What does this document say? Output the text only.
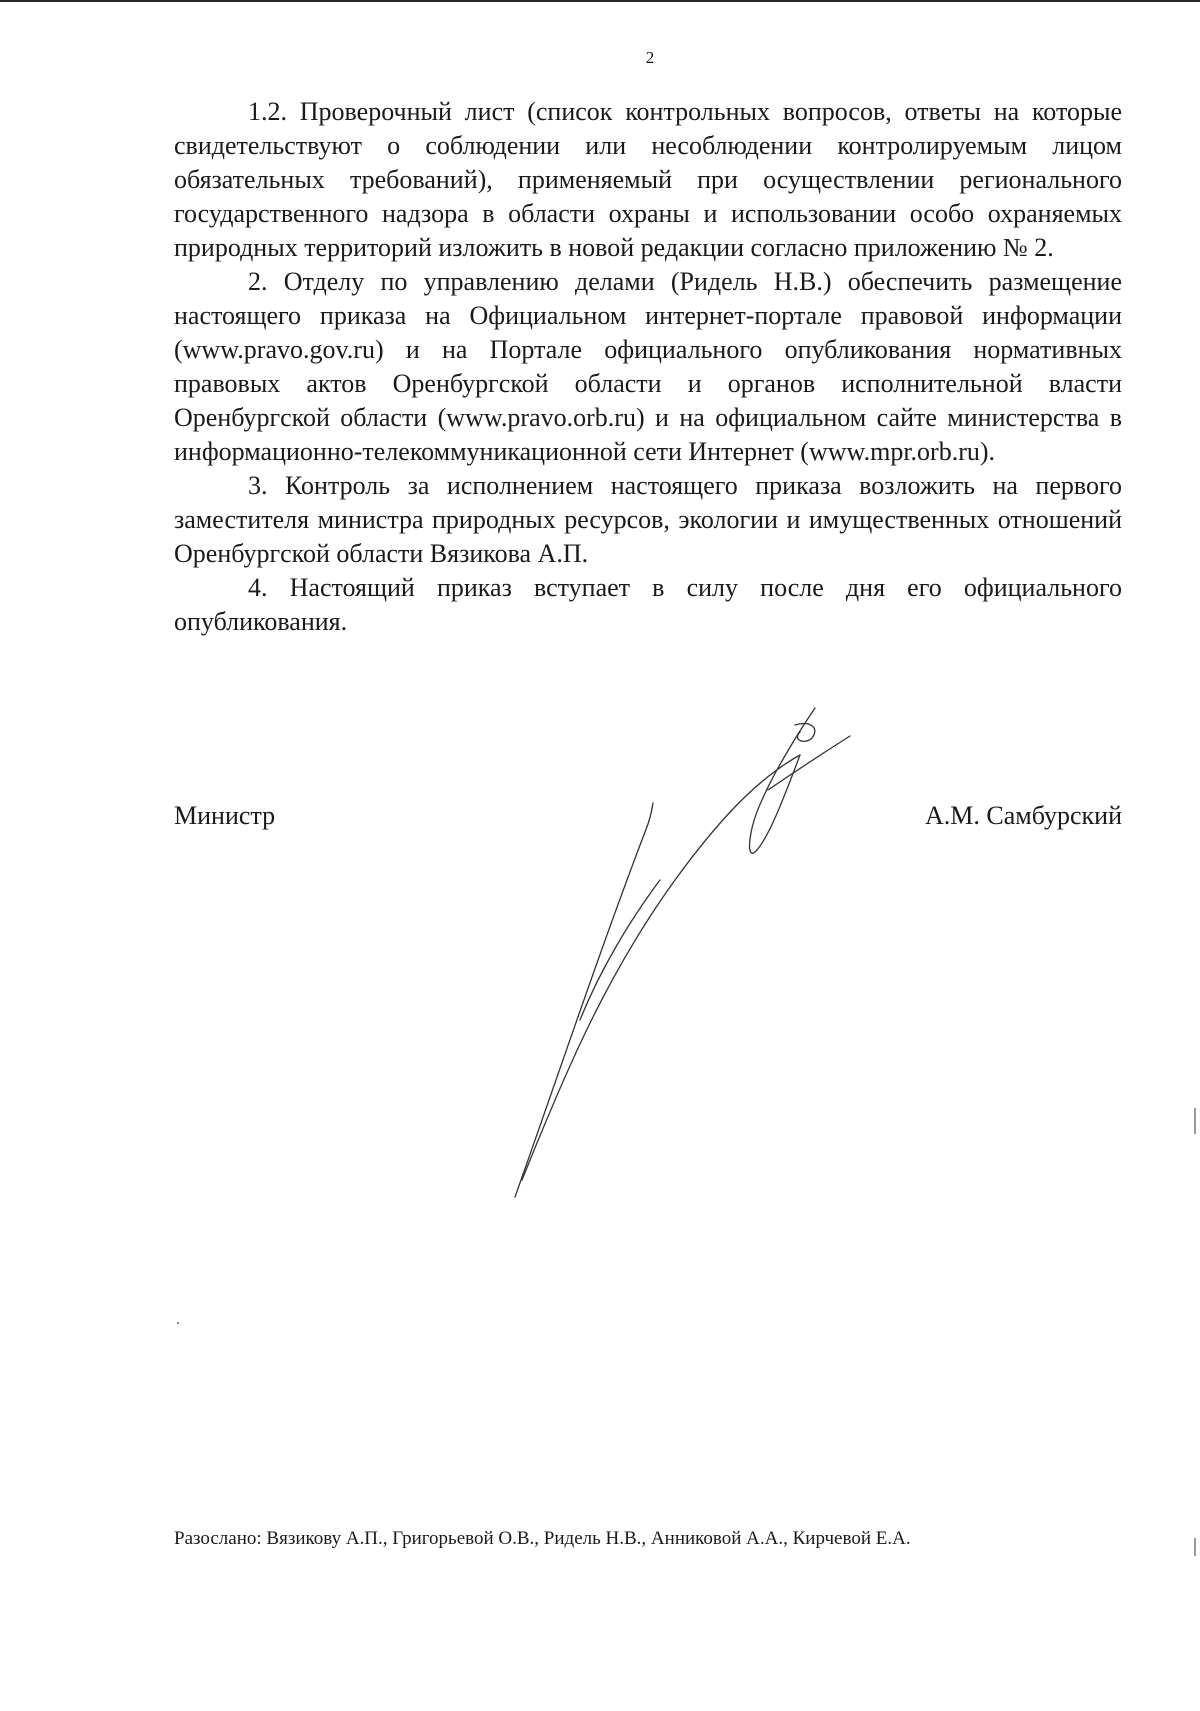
2

1.2. Проверочный лист (список контрольных вопросов, ответы на которые свидетельствуют о соблюдении или несоблюдении контролируемым лицом обязательных требований), применяемый при осуществлении регионального государственного надзора в области охраны и использовании особо охраняемых природных территорий изложить в новой редакции согласно приложению № 2.

2. Отделу по управлению делами (Ридель Н.В.) обеспечить размещение настоящего приказа на Официальном интернет-портале правовой информации (www.pravo.gov.ru) и на Портале официального опубликования нормативных правовых актов Оренбургской области и органов исполнительной власти Оренбургской области (www.pravo.orb.ru) и на официальном сайте министерства в информационно-телекоммуникационной сети Интернет (www.mpr.orb.ru).

3. Контроль за исполнением настоящего приказа возложить на первого заместителя министра природных ресурсов, экологии и имущественных отношений Оренбургской области Вязикова А.П.

4. Настоящий приказ вступает в силу после дня его официального опубликования.

Министр	А.М. Самбурский
Разослано: Вязикову А.П., Григорьевой О.В., Ридель Н.В., Анниковой А.А., Кирчевой Е.А.
